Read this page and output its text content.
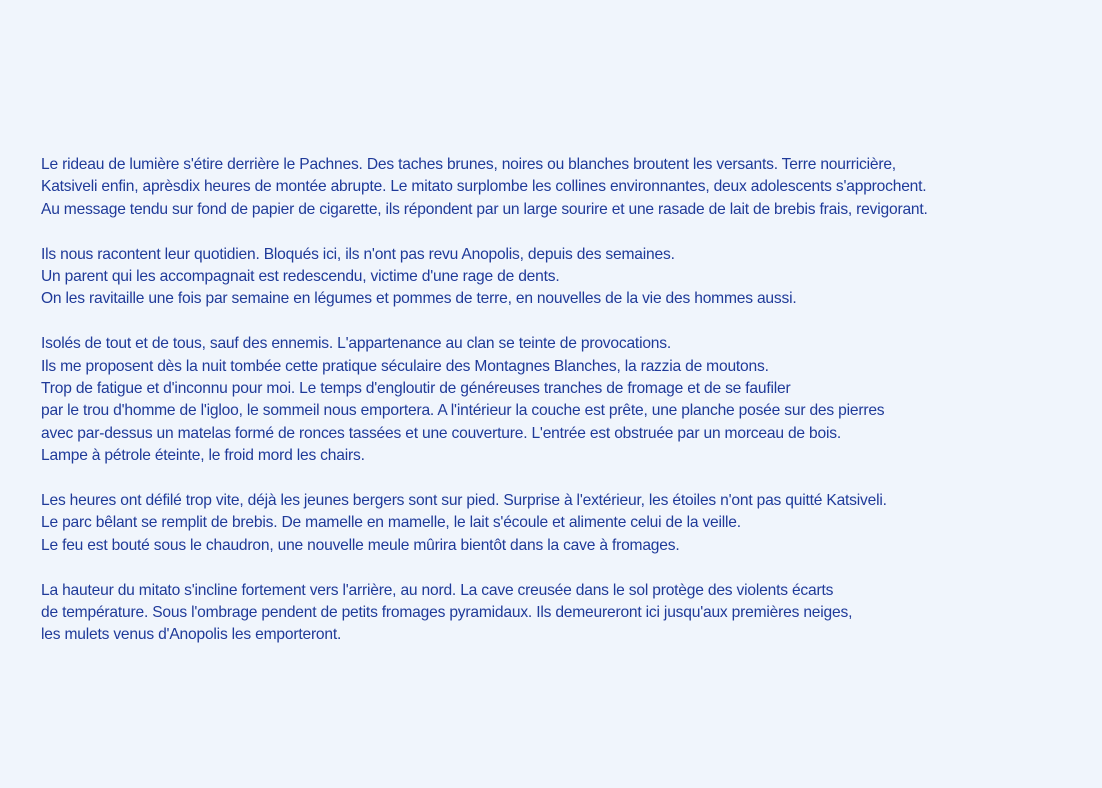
Le rideau de lumière s'étire derrière le Pachnes. Des taches brunes, noires ou blanches broutent les versants. Terre nourricière,
Katsiveli enfin, aprèsdix heures de montée abrupte. Le mitato surplombe les collines environnantes, deux adolescents s'approchent.
Au message tendu sur fond de papier de cigarette, ils répondent par un large sourire et une rasade de lait de brebis frais, revigorant.

Ils nous racontent leur quotidien. Bloqués ici, ils n'ont pas revu Anopolis, depuis des semaines.
Un parent qui les accompagnait est redescendu, victime d'une rage de dents.
On les ravitaille une fois par semaine en légumes et pommes de terre, en nouvelles de la vie des hommes aussi.

Isolés de tout et de tous, sauf des ennemis. L'appartenance au clan se teinte de provocations.
Ils me proposent dès la nuit tombée cette pratique séculaire des Montagnes Blanches, la razzia de moutons.
Trop de fatigue et d'inconnu pour moi. Le temps d'engloutir de généreuses tranches de fromage et de se faufiler
par le trou d'homme de l'igloo, le sommeil nous emportera. A l'intérieur la couche est prête, une planche posée sur des pierres
avec par-dessus un matelas formé de ronces tassées et une couverture. L'entrée est obstruée par un morceau de bois.
Lampe à pétrole éteinte, le froid mord les chairs.

Les heures ont défilé trop vite, déjà les jeunes bergers sont sur pied. Surprise à l'extérieur, les étoiles n'ont pas quitté Katsiveli.
Le parc bêlant se remplit de brebis. De mamelle en mamelle, le lait s'écoule et alimente celui de la veille.
Le feu est bouté sous le chaudron, une nouvelle meule mûrira bientôt dans la cave à fromages.

La hauteur du mitato s'incline fortement vers l'arrière, au nord. La cave creusée dans le sol protège des violents écarts
de température. Sous l'ombrage pendent de petits fromages pyramidaux. Ils demeureront ici jusqu'aux premières neiges,
les mulets venus d'Anopolis les emporteront.
